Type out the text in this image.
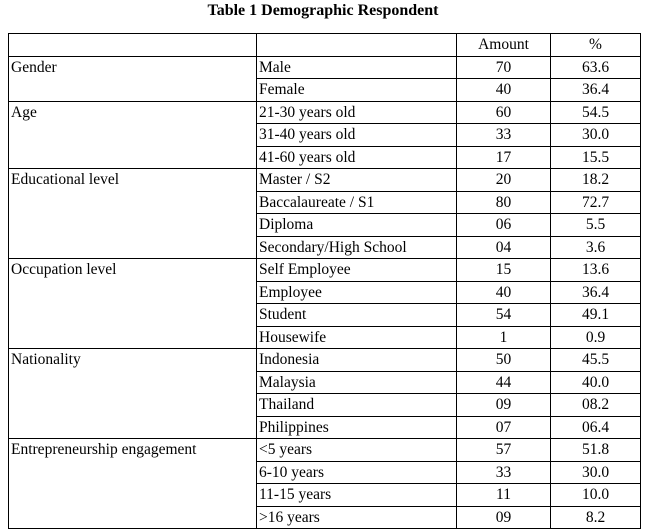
Table 1 Demographic Respondent
		Amount	%
Gender	Male	70	63.6
	Female	40	36.4
Age	21-30 years old	60	54.5
	31-40 years old	33	30.0
	41-60 years old	17	15.5
Educational level	Master / S2	20	18.2
	Baccalaureate / S1	80	72.7
	Diploma	06	5.5
	Secondary/High School	04	3.6
Occupation level	Self Employee	15	13.6
	Employee	40	36.4
	Student	54	49.1
	Housewife	1	0.9
Nationality	Indonesia	50	45.5
	Malaysia	44	40.0
	Thailand	09	08.2
	Philippines	07	06.4
Entrepreneurship engagement	<5 years	57	51.8
	6-10 years	33	30.0
	11-15 years	11	10.0
	>16 years	09	8.2
